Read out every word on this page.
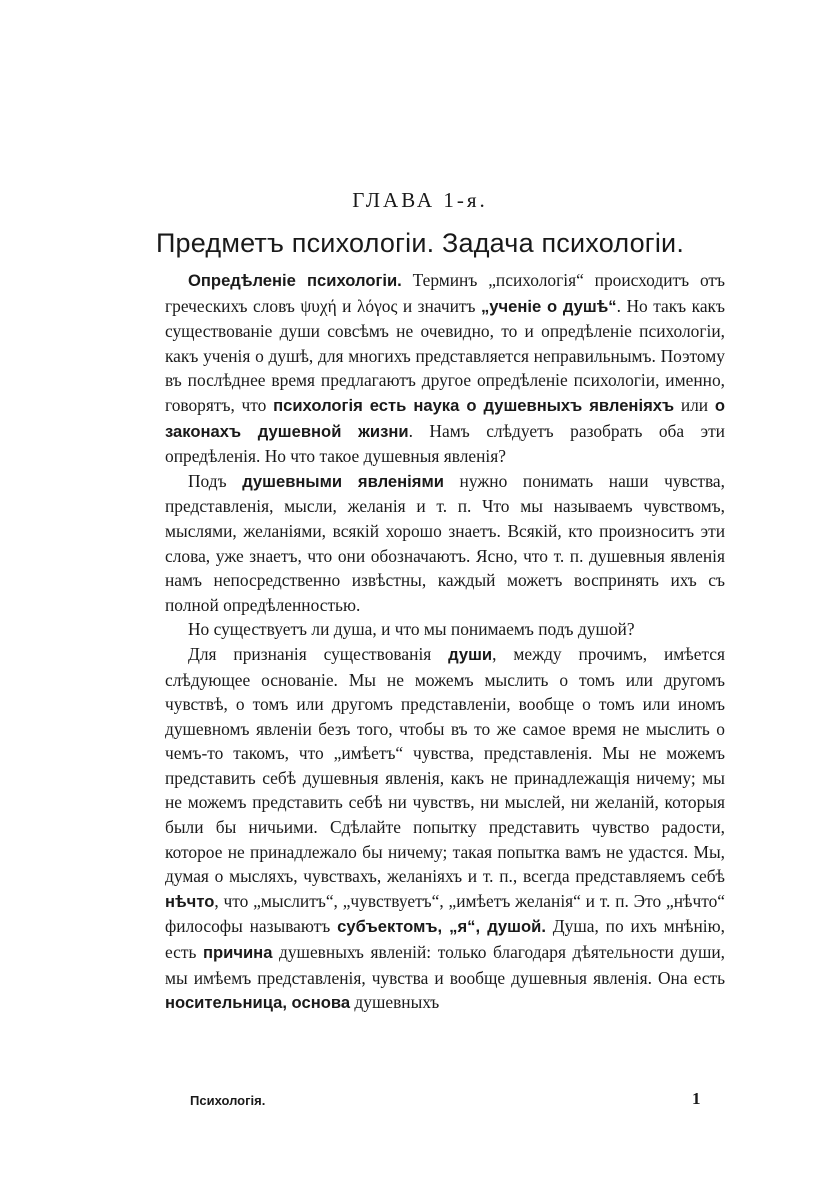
ГЛАВА 1-я.
Предметъ психологіи. Задача психологіи.

Опредѣленіе психологіи. Терминъ „психологія“ происходитъ отъ греческихъ словъ ψυχή и λόγος и значитъ „ученіе о душѣ“. Но такъ какъ существованіе души совсѣмъ не очевидно, то и опредѣленіе психологіи, какъ ученія о душѣ, для многихъ представляется неправильнымъ. Поэтому въ послѣднее время предлагаютъ другое опредѣленіе психологіи, именно, говорятъ, что психологія есть наука о душевныхъ явленіяхъ или о законахъ душевной жизни. Намъ слѣдуетъ разобрать оба эти опредѣленія. Но что такое душевныя явленія?

Подъ душевными явленіями нужно понимать наши чувства, представленія, мысли, желанія и т. п. Что мы называемъ чувствомъ, мыслями, желаніями, всякій хорошо знаетъ. Всякій, кто произноситъ эти слова, уже знаетъ, что они обозначаютъ. Ясно, что т. п. душевныя явленія намъ непосредственно извѣстны, каждый можетъ воспринять ихъ съ полной опредѣленностью.

Но существуетъ ли душа, и что мы понимаемъ подъ душой?

Для признанія существованія души, между прочимъ, имѣется слѣдующее основаніе. Мы не можемъ мыслить о томъ или другомъ чувствѣ, о томъ или другомъ представленіи, вообще о томъ или иномъ душевномъ явленіи безъ того, чтобы въ то же самое время не мыслить о чемъ-то такомъ, что „имѣетъ“ чувства, представленія. Мы не можемъ представить себѣ душевныя явленія, какъ не принадлежащія ничему; мы не можемъ представить себѣ ни чувствъ, ни мыслей, ни желаній, которыя были бы ничьими. Сдѣлайте попытку представить чувство радости, которое не принадлежало бы ничему; такая попытка вамъ не удастся. Мы, думая о мысляхъ, чувствахъ, желаніяхъ и т. п., всегда представляемъ себѣ нѣчто, что „мыслитъ“, „чувствуетъ“, „имѣетъ желанія“ и т. п. Это „нѣчто“ философы называютъ субъектомъ, „я“, душой. Душа, по ихъ мнѣнію, есть причина душевныхъ явленій: только благодаря дѣятельности души, мы имѣемъ представленія, чувства и вообще душевныя явленія. Она есть носительница, основа душевныхъ

Психологія.	1
